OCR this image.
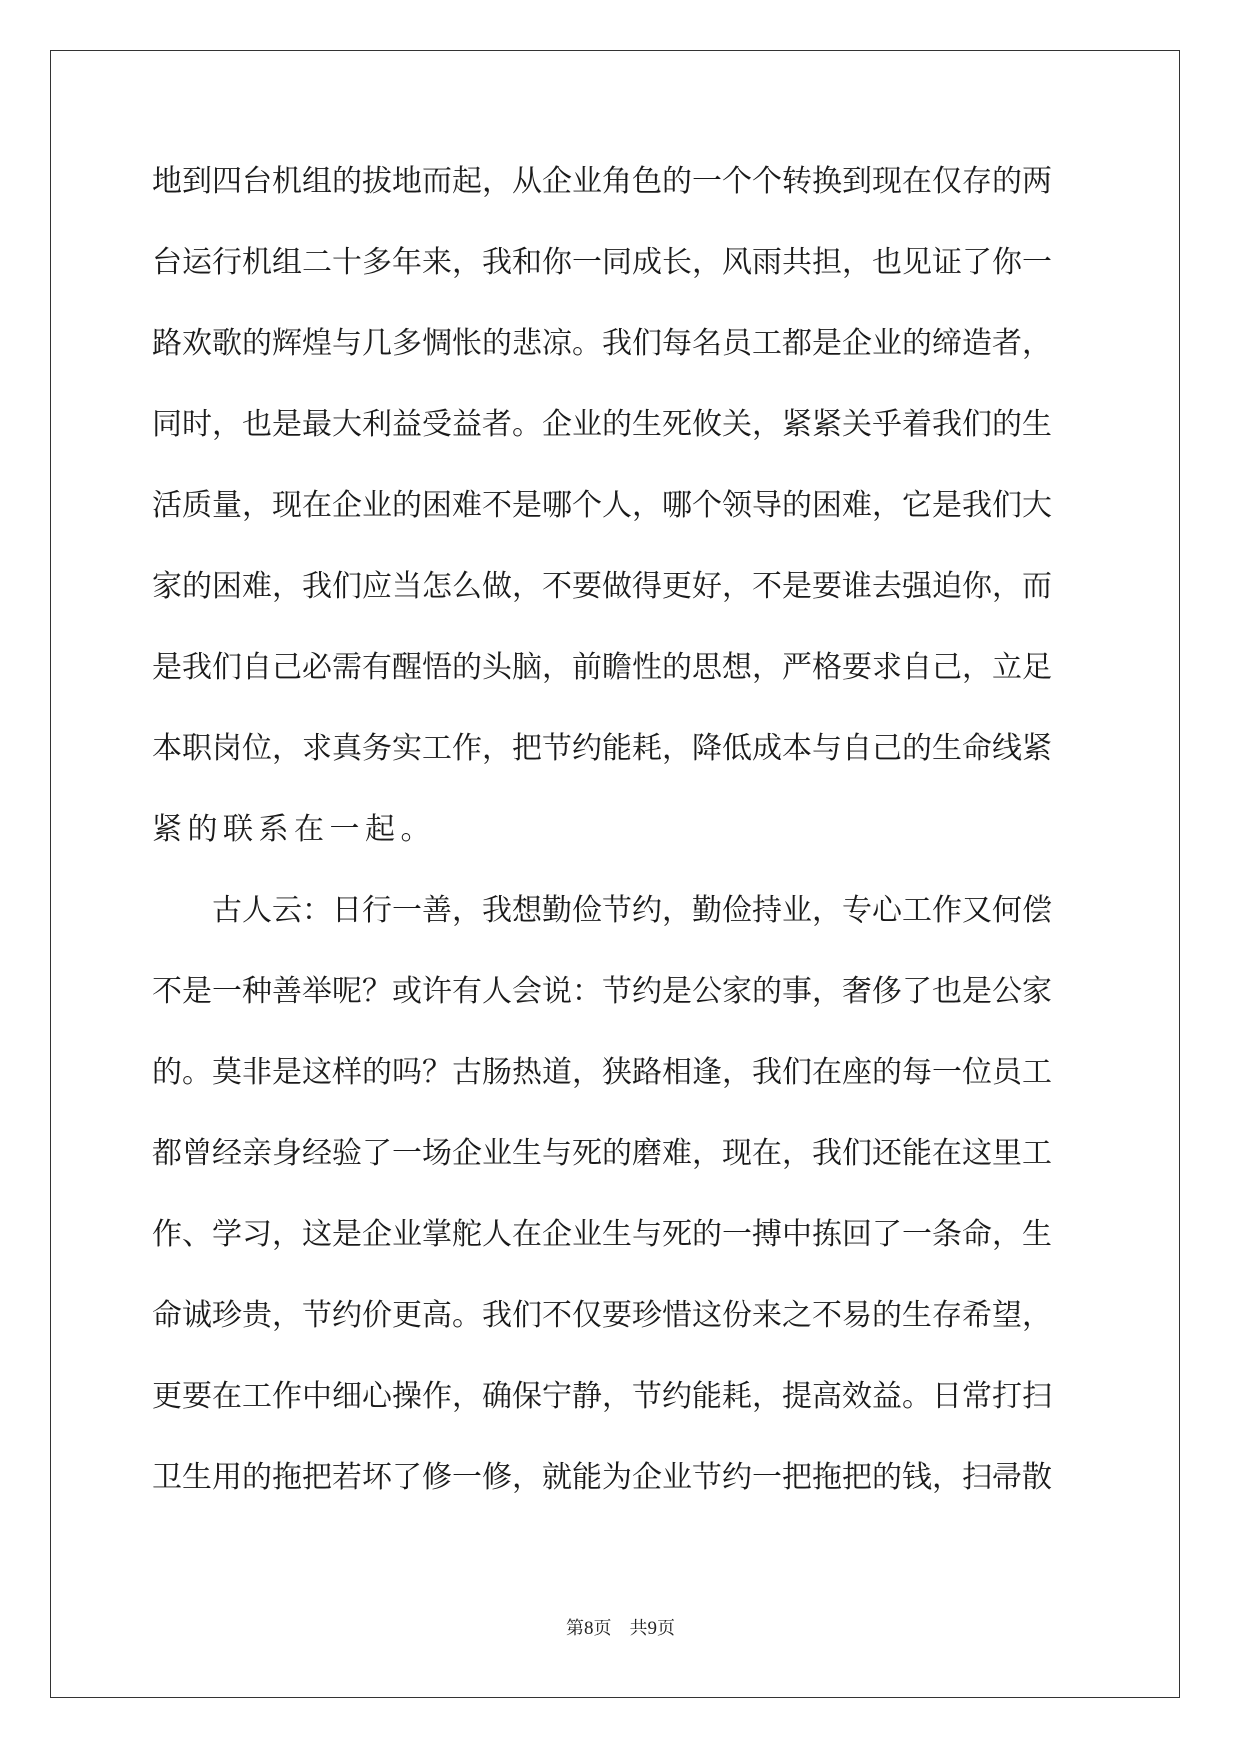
地到四台机组的拔地而起，从企业角色的一个个转换到现在仅存的两
台运行机组二十多年来，我和你一同成长，风雨共担，也见证了你一
路欢歌的辉煌与几多惆怅的悲凉。我们每名员工都是企业的缔造者，
同时，也是最大利益受益者。企业的生死攸关，紧紧关乎着我们的生
活质量，现在企业的困难不是哪个人，哪个领导的困难，它是我们大
家的困难，我们应当怎么做，不要做得更好，不是要谁去强迫你，而
是我们自己必需有醒悟的头脑，前瞻性的思想，严格要求自己，立足
本职岗位，求真务实工作，把节约能耗，降低成本与自己的生命线紧
紧的联系在一起。
古人云：日行一善，我想勤俭节约，勤俭持业，专心工作又何偿
不是一种善举呢？或许有人会说：节约是公家的事，奢侈了也是公家
的。莫非是这样的吗？古肠热道，狭路相逢，我们在座的每一位员工
都曾经亲身经验了一场企业生与死的磨难，现在，我们还能在这里工
作、学习，这是企业掌舵人在企业生与死的一搏中拣回了一条命，生
命诚珍贵，节约价更高。我们不仅要珍惜这份来之不易的生存希望，
更要在工作中细心操作，确保宁静，节约能耗，提高效益。日常打扫
卫生用的拖把若坏了修一修，就能为企业节约一把拖把的钱，扫帚散
第8页　共9页
